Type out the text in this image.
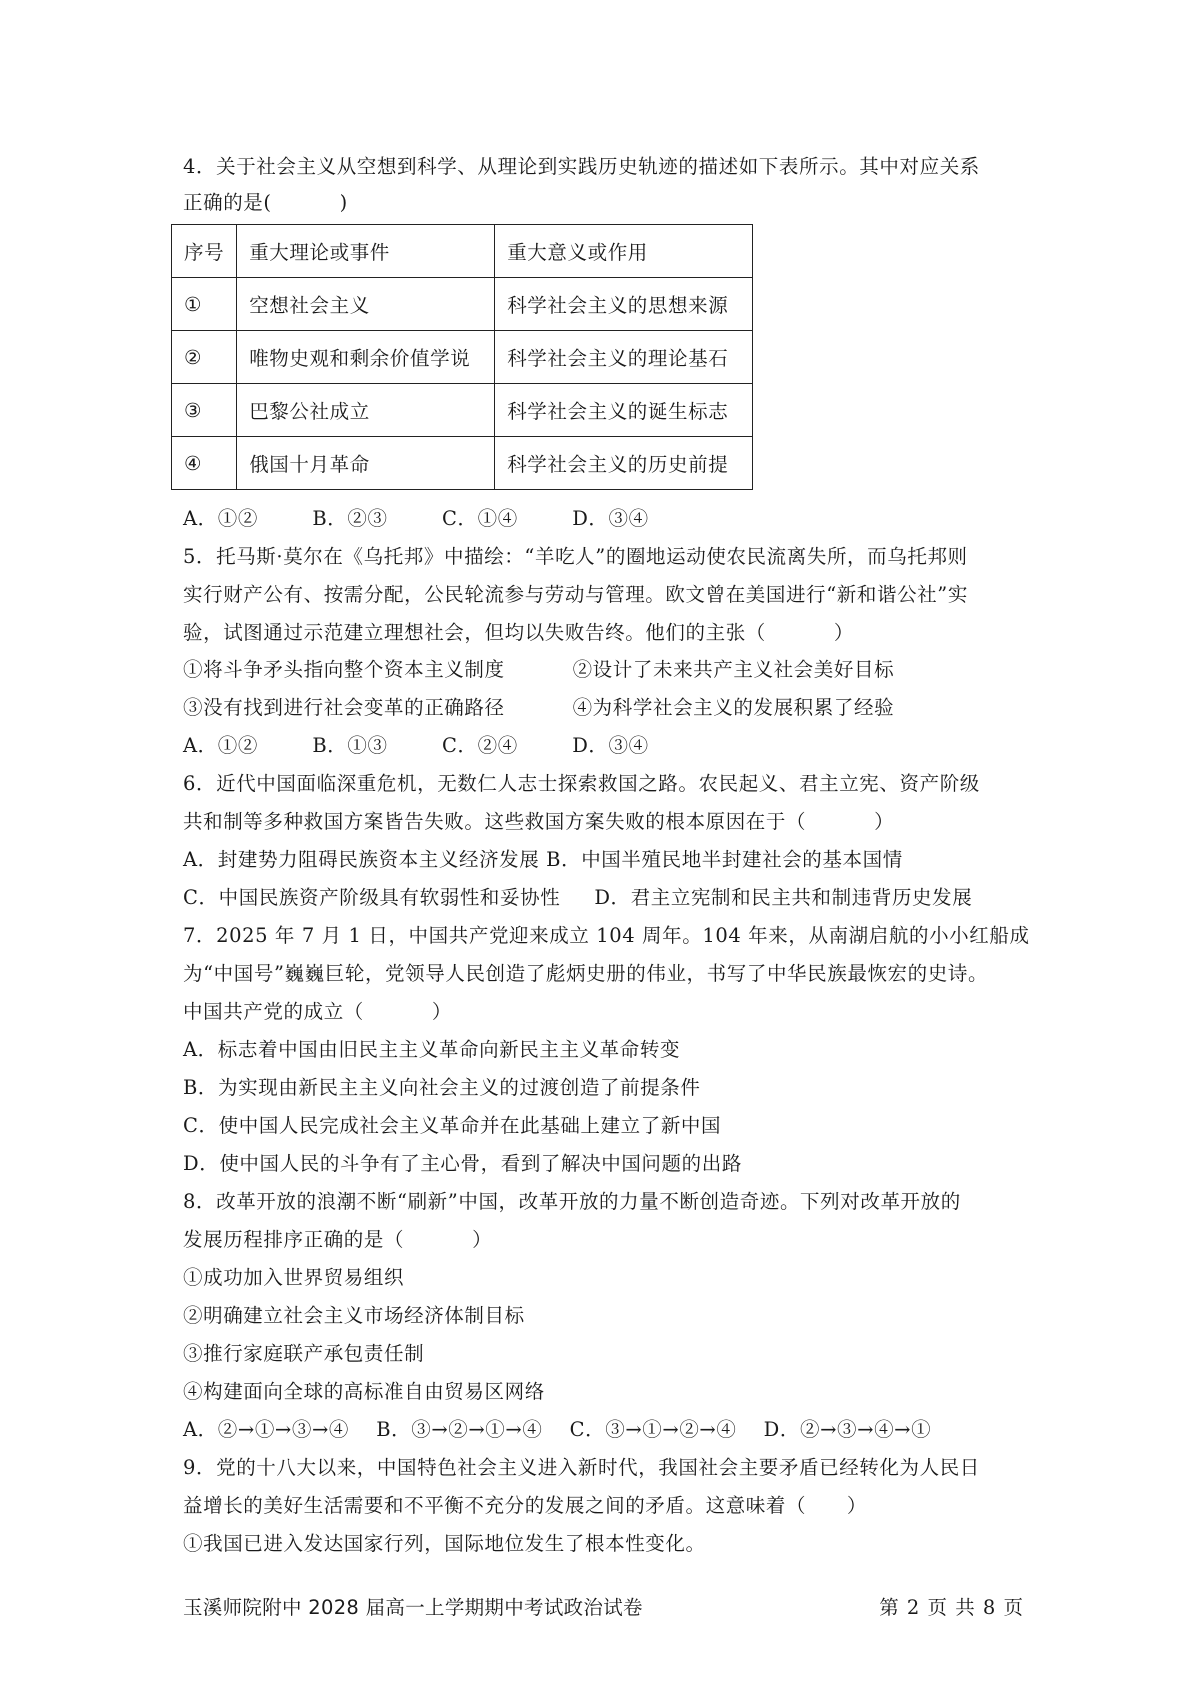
4．关于社会主义从空想到科学、从理论到实践历史轨迹的描述如下表所示。其中对应关系
正确的是(          )
序号	重大理论或事件	重大意义或作用
①	空想社会主义	科学社会主义的思想来源
②	唯物史观和剩余价值学说	科学社会主义的理论基石
③	巴黎公社成立	科学社会主义的诞生标志
④	俄国十月革命	科学社会主义的历史前提
A．①②        B．②③        C．①④        D．③④
5．托马斯·莫尔在《乌托邦》中描绘：“羊吃人”的圈地运动使农民流离失所，而乌托邦则
实行财产公有、按需分配，公民轮流参与劳动与管理。欧文曾在美国进行“新和谐公社”实
验，试图通过示范建立理想社会，但均以失败告终。他们的主张（          ）
①将斗争矛头指向整个资本主义制度          ②设计了未来共产主义社会美好目标
③没有找到进行社会变革的正确路径          ④为科学社会主义的发展积累了经验
A．①②        B．①③        C．②④        D．③④
6．近代中国面临深重危机，无数仁人志士探索救国之路。农民起义、君主立宪、资产阶级
共和制等多种救国方案皆告失败。这些救国方案失败的根本原因在于（          ）
A．封建势力阻碍民族资本主义经济发展 B．中国半殖民地半封建社会的基本国情
C．中国民族资产阶级具有软弱性和妥协性     D．君主立宪制和民主共和制违背历史发展
7．2025 年 7 月 1 日，中国共产党迎来成立 104 周年。104 年来，从南湖启航的小小红船成
为“中国号”巍巍巨轮，党领导人民创造了彪炳史册的伟业，书写了中华民族最恢宏的史诗。
中国共产党的成立（          ）
A．标志着中国由旧民主主义革命向新民主主义革命转变
B．为实现由新民主主义向社会主义的过渡创造了前提条件
C．使中国人民完成社会主义革命并在此基础上建立了新中国
D．使中国人民的斗争有了主心骨，看到了解决中国问题的出路
8．改革开放的浪潮不断“刷新”中国，改革开放的力量不断创造奇迹。下列对改革开放的
发展历程排序正确的是（          ）
①成功加入世界贸易组织
②明确建立社会主义市场经济体制目标
③推行家庭联产承包责任制
④构建面向全球的高标准自由贸易区网络
A．②→①→③→④    B．③→②→①→④    C．③→①→②→④    D．②→③→④→①
9．党的十八大以来，中国特色社会主义进入新时代，我国社会主要矛盾已经转化为人民日
益增长的美好生活需要和不平衡不充分的发展之间的矛盾。这意味着（      ）
①我国已进入发达国家行列，国际地位发生了根本性变化。
玉溪师院附中 2028 届高一上学期期中考试政治试卷	第 2 页 共 8 页
